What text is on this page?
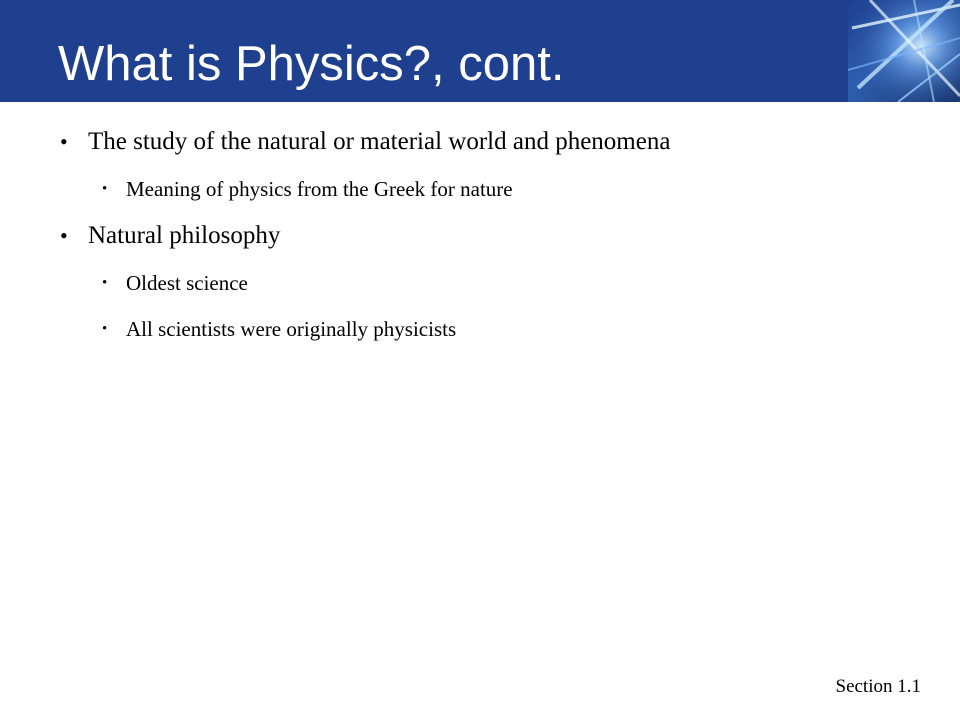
What is Physics?, cont.
• The study of the natural or material world and phenomena
• Meaning of physics from the Greek for nature
• Natural philosophy
• Oldest science
• All scientists were originally physicists

Section 1.1
